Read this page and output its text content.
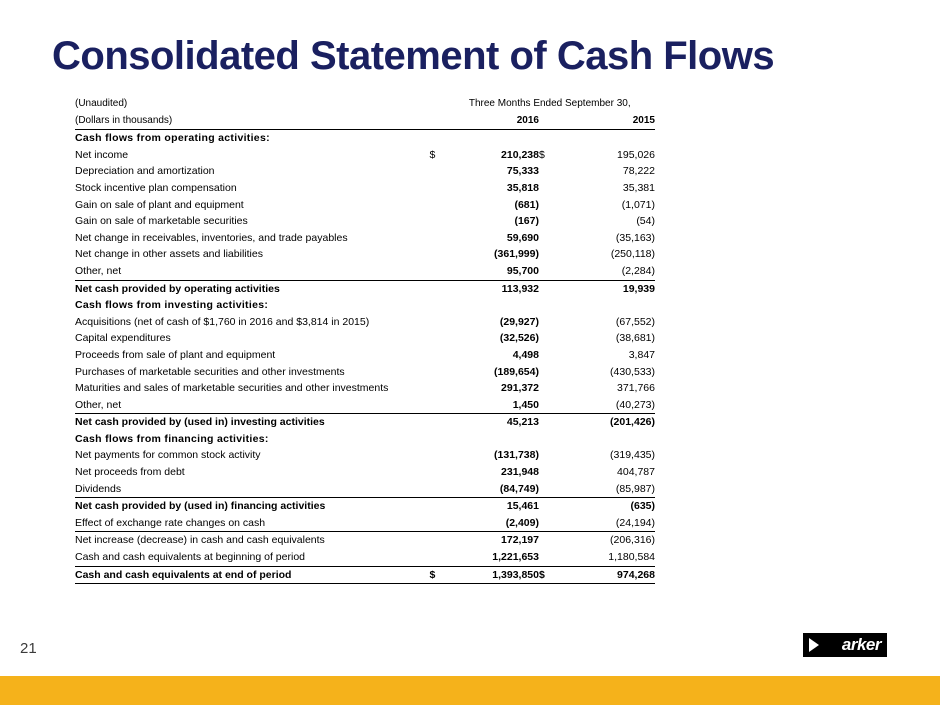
Consolidated Statement of Cash Flows
(Unaudited)		Three Months Ended September 30,		
(Dollars in thousands)		2016		2015
Cash flows from operating activities:				
Net income	$	210,238	$	195,026
Depreciation and amortization		75,333		78,222
Stock incentive plan compensation		35,818		35,381
Gain on sale of plant and equipment		(681)		(1,071)
Gain on sale of marketable securities		(167)		(54)
Net change in receivables, inventories, and trade payables		59,690		(35,163)
Net change in other assets and liabilities		(361,999)		(250,118)
Other, net		95,700		(2,284)
Net cash provided by operating activities		113,932		19,939
Cash flows from investing activities:				
Acquisitions (net of cash of $1,760 in 2016 and $3,814 in 2015)		(29,927)		(67,552)
Capital expenditures		(32,526)		(38,681)
Proceeds from sale of plant and equipment		4,498		3,847
Purchases of marketable securities and other investments		(189,654)		(430,533)
Maturities and sales of marketable securities and other investments		291,372		371,766
Other, net		1,450		(40,273)
Net cash provided by (used in) investing activities		45,213		(201,426)
Cash flows from financing activities:				
Net payments for common stock activity		(131,738)		(319,435)
Net proceeds from debt		231,948		404,787
Dividends		(84,749)		(85,987)
Net cash provided by (used in) financing activities		15,461		(635)
Effect of exchange rate changes on cash		(2,409)		(24,194)
Net increase (decrease) in cash and cash equivalents		172,197		(206,316)
Cash and cash equivalents at beginning of period		1,221,653		1,180,584
Cash and cash equivalents at end of period	$	1,393,850	$	974,268
21	arker
